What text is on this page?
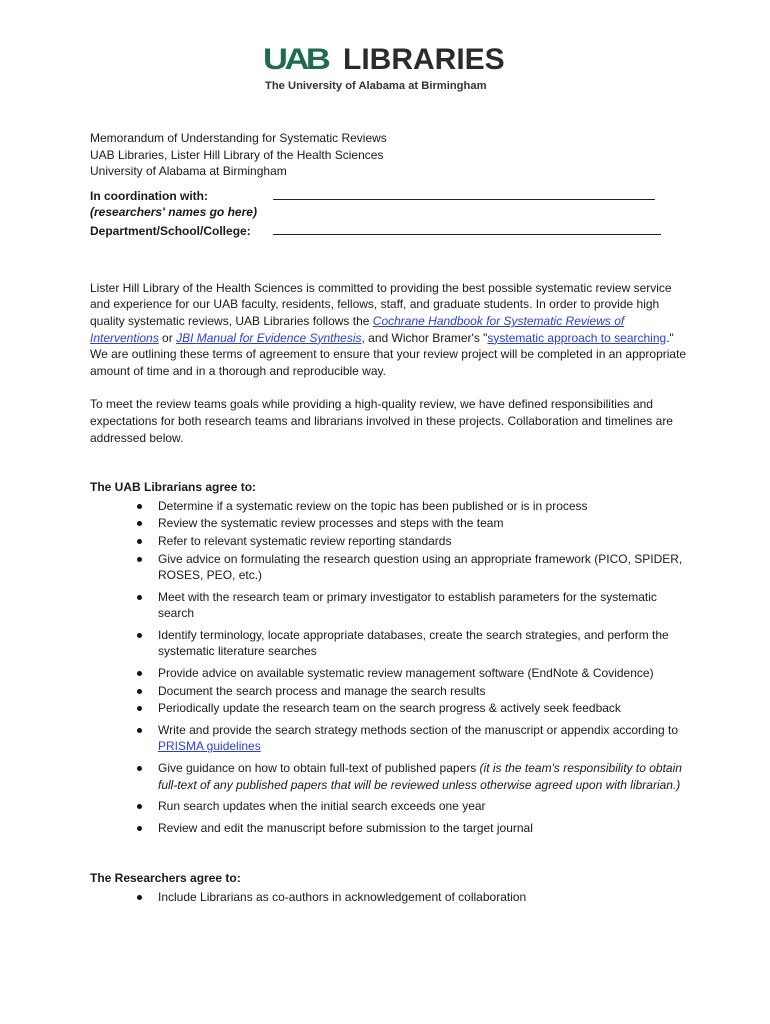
UAB LIBRARIES
The University of Alabama at Birmingham
Memorandum of Understanding for Systematic Reviews
UAB Libraries, Lister Hill Library of the Health Sciences
University of Alabama at Birmingham
In coordination with:
(researchers' names go here)
Department/School/College:

Lister Hill Library of the Health Sciences is committed to providing the best possible systematic review service and experience for our UAB faculty, residents, fellows, staff, and graduate students. In order to provide high quality systematic reviews, UAB Libraries follows the Cochrane Handbook for Systematic Reviews of Interventions or JBI Manual for Evidence Synthesis, and Wichor Bramer's "systematic approach to searching." We are outlining these terms of agreement to ensure that your review project will be completed in an appropriate amount of time and in a thorough and reproducible way.

To meet the review teams goals while providing a high-quality review, we have defined responsibilities and expectations for both research teams and librarians involved in these projects. Collaboration and timelines are addressed below.

The UAB Librarians agree to:
Determine if a systematic review on the topic has been published or is in process
Review the systematic review processes and steps with the team
Refer to relevant systematic review reporting standards
Give advice on formulating the research question using an appropriate framework (PICO, SPIDER, ROSES, PEO, etc.)
Meet with the research team or primary investigator to establish parameters for the systematic search
Identify terminology, locate appropriate databases, create the search strategies, and perform the systematic literature searches
Provide advice on available systematic review management software (EndNote & Covidence)
Document the search process and manage the search results
Periodically update the research team on the search progress & actively seek feedback
Write and provide the search strategy methods section of the manuscript or appendix according to PRISMA guidelines
Give guidance on how to obtain full-text of published papers (it is the team's responsibility to obtain full-text of any published papers that will be reviewed unless otherwise agreed upon with librarian.)
Run search updates when the initial search exceeds one year
Review and edit the manuscript before submission to the target journal
The Researchers agree to:
Include Librarians as co-authors in acknowledgement of collaboration
